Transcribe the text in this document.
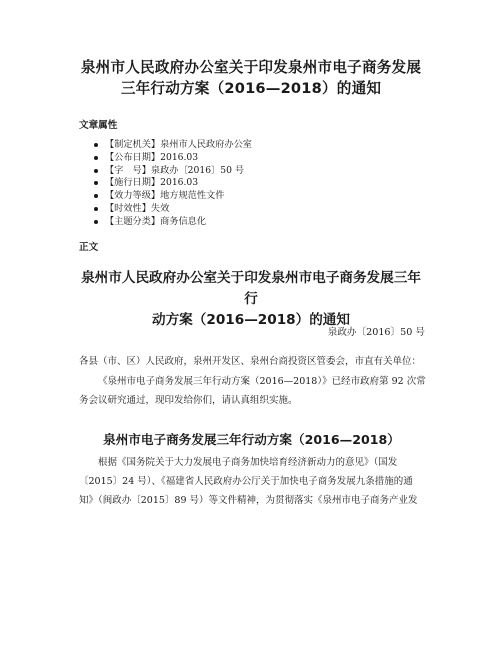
泉州市人民政府办公室关于印发泉州市电子商务发展
三年行动方案（2016—2018）的通知
文章属性
【制定机关】泉州市人民政府办公室
【公布日期】2016.03
【字　号】泉政办〔2016〕50 号
【施行日期】2016.03
【效力等级】地方规范性文件
【时效性】失效
【主题分类】商务信息化
正文
泉州市人民政府办公室关于印发泉州市电子商务发展三年行
动方案（2016—2018）的通知
泉政办〔2016〕50 号
各县（市、区）人民政府，泉州开发区、泉州台商投资区管委会，市直有关单位：
《泉州市电子商务发展三年行动方案（2016—2018）》已经市政府第 92 次常
务会议研究通过，现印发给你们，请认真组织实施。
泉州市电子商务发展三年行动方案（2016—2018）
根据《国务院关于大力发展电子商务加快培育经济新动力的意见》（国发
〔2015〕24 号）、《福建省人民政府办公厅关于加快电子商务发展九条措施的通
知》（闽政办〔2015〕89 号）等文件精神，为贯彻落实《泉州市电子商务产业发
